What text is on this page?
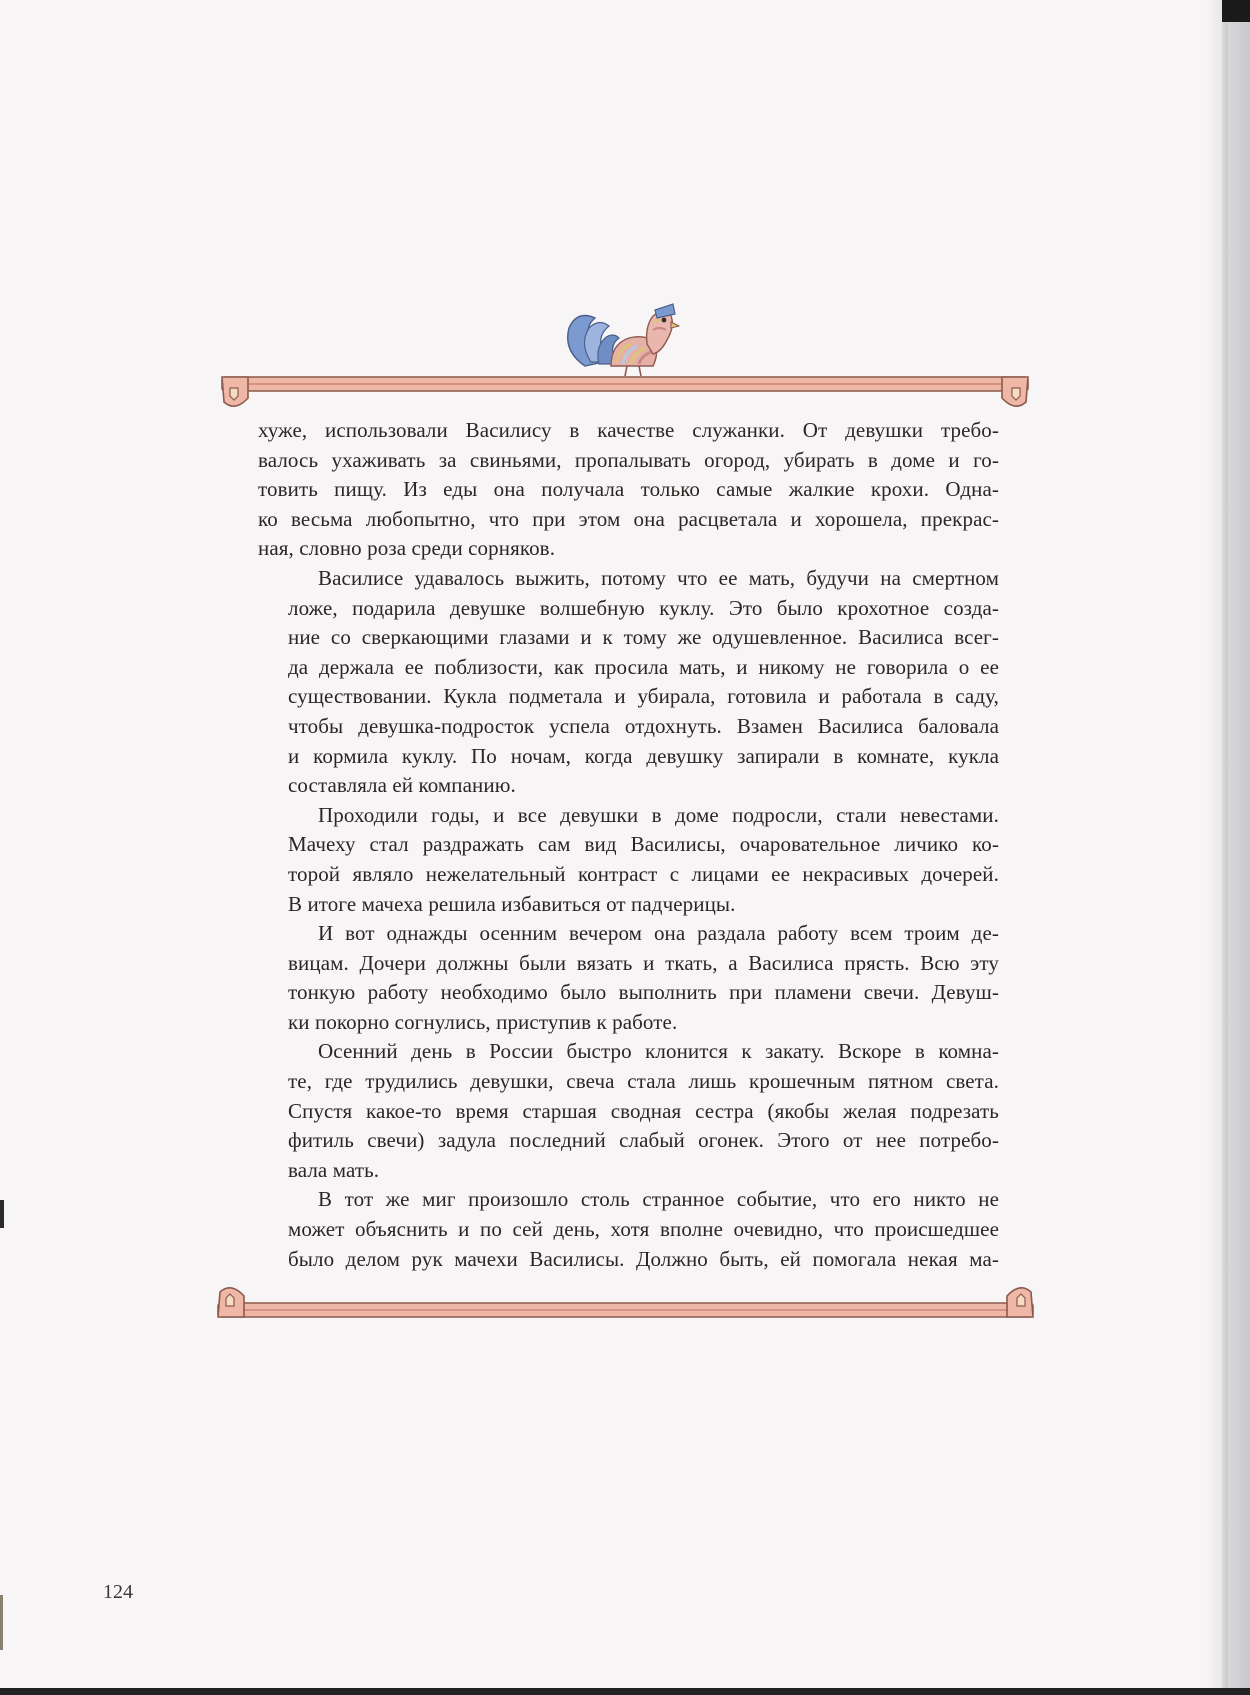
хуже, использовали Василису в качестве служанки. От девушки требо-
валось ухаживать за свиньями, пропалывать огород, убирать в доме и го-
товить пищу. Из еды она получала только самые жалкие крохи. Одна-
ко весьма любопытно, что при этом она расцветала и хорошела, прекрас-
ная, словно роза среди сорняков.

Василисе удавалось выжить, потому что ее мать, будучи на смертном
ложе, подарила девушке волшебную куклу. Это было крохотное созда-
ние со сверкающими глазами и к тому же одушевленное. Василиса всег-
да держала ее поблизости, как просила мать, и никому не говорила о ее
существовании. Кукла подметала и убирала, готовила и работала в саду,
чтобы девушка-подросток успела отдохнуть. Взамен Василиса баловала
и кормила куклу. По ночам, когда девушку запирали в комнате, кукла
составляла ей компанию.

Проходили годы, и все девушки в доме подросли, стали невестами.
Мачеху стал раздражать сам вид Василисы, очаровательное личико ко-
торой являло нежелательный контраст с лицами ее некрасивых дочерей.
В итоге мачеха решила избавиться от падчерицы.

И вот однажды осенним вечером она раздала работу всем троим де-
вицам. Дочери должны были вязать и ткать, а Василиса прясть. Всю эту
тонкую работу необходимо было выполнить при пламени свечи. Девуш-
ки покорно согнулись, приступив к работе.

Осенний день в России быстро клонится к закату. Вскоре в комна-
те, где трудились девушки, свеча стала лишь крошечным пятном света.
Спустя какое-то время старшая сводная сестра (якобы желая подрезать
фитиль свечи) задула последний слабый огонек. Этого от нее потребо-
вала мать.

В тот же миг произошло столь странное событие, что его никто не
может объяснить и по сей день, хотя вполне очевидно, что происшедшее
было делом рук мачехи Василисы. Должно быть, ей помогала некая ма-

124
